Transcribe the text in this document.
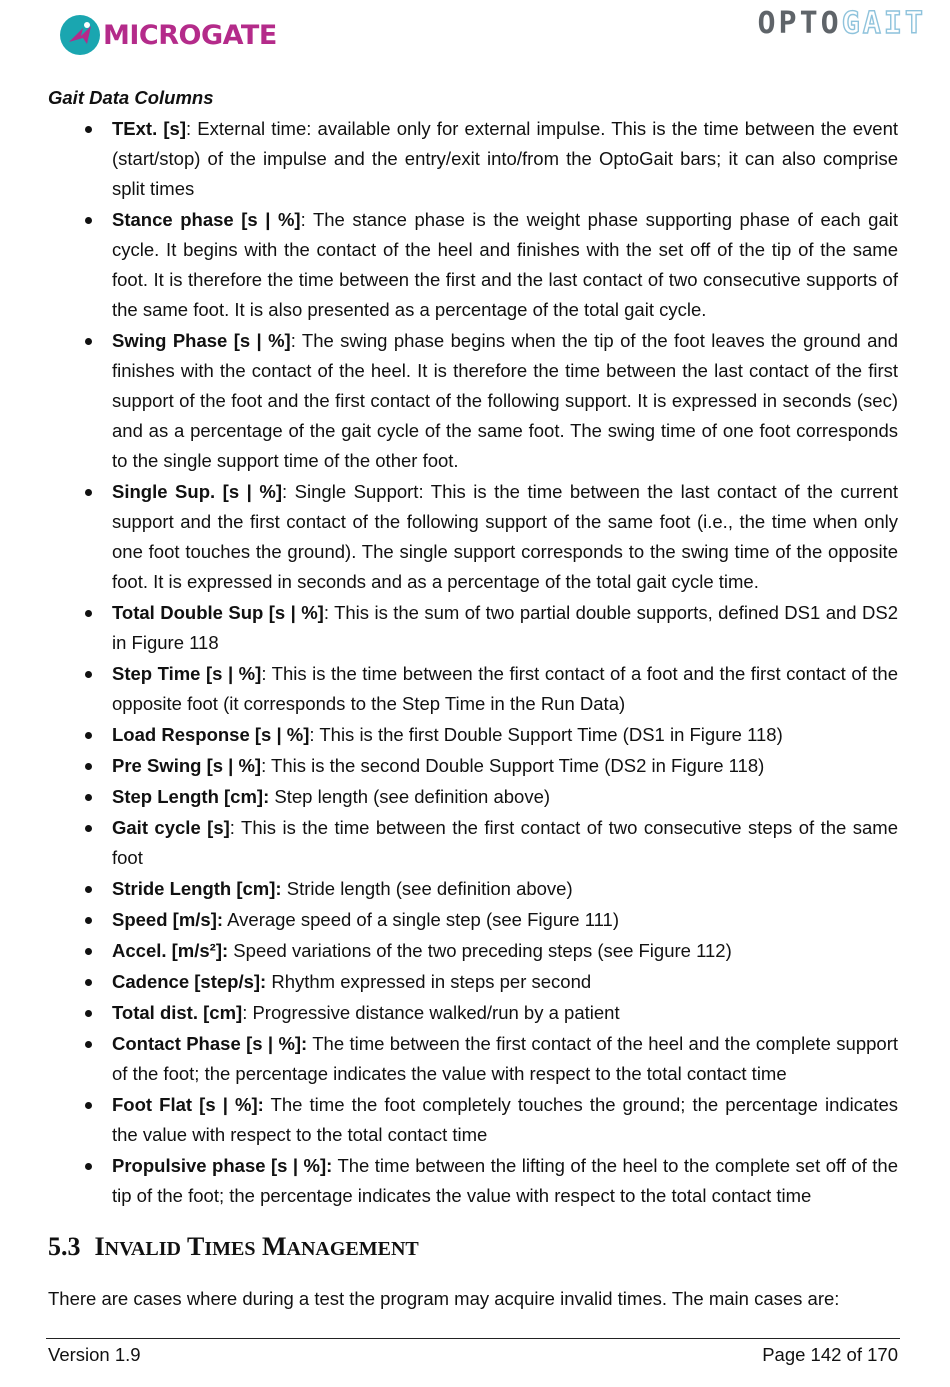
MICROGATE	OPTOGAIT
Gait Data Columns
TExt. [s]: External time: available only for external impulse. This is the time between the event (start/stop) of the impulse and the entry/exit into/from the OptoGait bars; it can also comprise split times
Stance phase [s | %]: The stance phase is the weight phase supporting phase of each gait cycle. It begins with the contact of the heel and finishes with the set off of the tip of the same foot. It is therefore the time between the first and the last contact of two consecutive supports of the same foot. It is also presented as a percentage of the total gait cycle.
Swing Phase [s | %]: The swing phase begins when the tip of the foot leaves the ground and finishes with the contact of the heel. It is therefore the time between the last contact of the first support of the foot and the first contact of the following support. It is expressed in seconds (sec) and as a percentage of the gait cycle of the same foot. The swing time of one foot corresponds to the single support time of the other foot.
Single Sup. [s | %]: Single Support: This is the time between the last contact of the current support and the first contact of the following support of the same foot (i.e., the time when only one foot touches the ground). The single support corresponds to the swing time of the opposite foot. It is expressed in seconds and as a percentage of the total gait cycle time.
Total Double Sup [s | %]: This is the sum of two partial double supports, defined DS1 and DS2 in Figure 118
Step Time [s | %]: This is the time between the first contact of a foot and the first contact of the opposite foot (it corresponds to the Step Time in the Run Data)
Load Response [s | %]: This is the first Double Support Time (DS1 in Figure 118)
Pre Swing [s | %]: This is the second Double Support Time (DS2 in Figure 118)
Step Length [cm]: Step length (see definition above)
Gait cycle [s]: This is the time between the first contact of two consecutive steps of the same foot
Stride Length [cm]: Stride length (see definition above)
Speed [m/s]: Average speed of a single step (see Figure 111)
Accel. [m/s²]: Speed variations of the two preceding steps (see Figure 112)
Cadence [step/s]: Rhythm expressed in steps per second
Total dist. [cm]: Progressive distance walked/run by a patient
Contact Phase [s | %]: The time between the first contact of the heel and the complete support of the foot; the percentage indicates the value with respect to the total contact time
Foot Flat [s | %]: The time the foot completely touches the ground; the percentage indicates the value with respect to the total contact time
Propulsive phase [s | %]: The time between the lifting of the heel to the complete set off of the tip of the foot; the percentage indicates the value with respect to the total contact time
5.3 INVALID TIMES MANAGEMENT
There are cases where during a test the program may acquire invalid times. The main cases are:
Version 1.9	Page 142 of 170
